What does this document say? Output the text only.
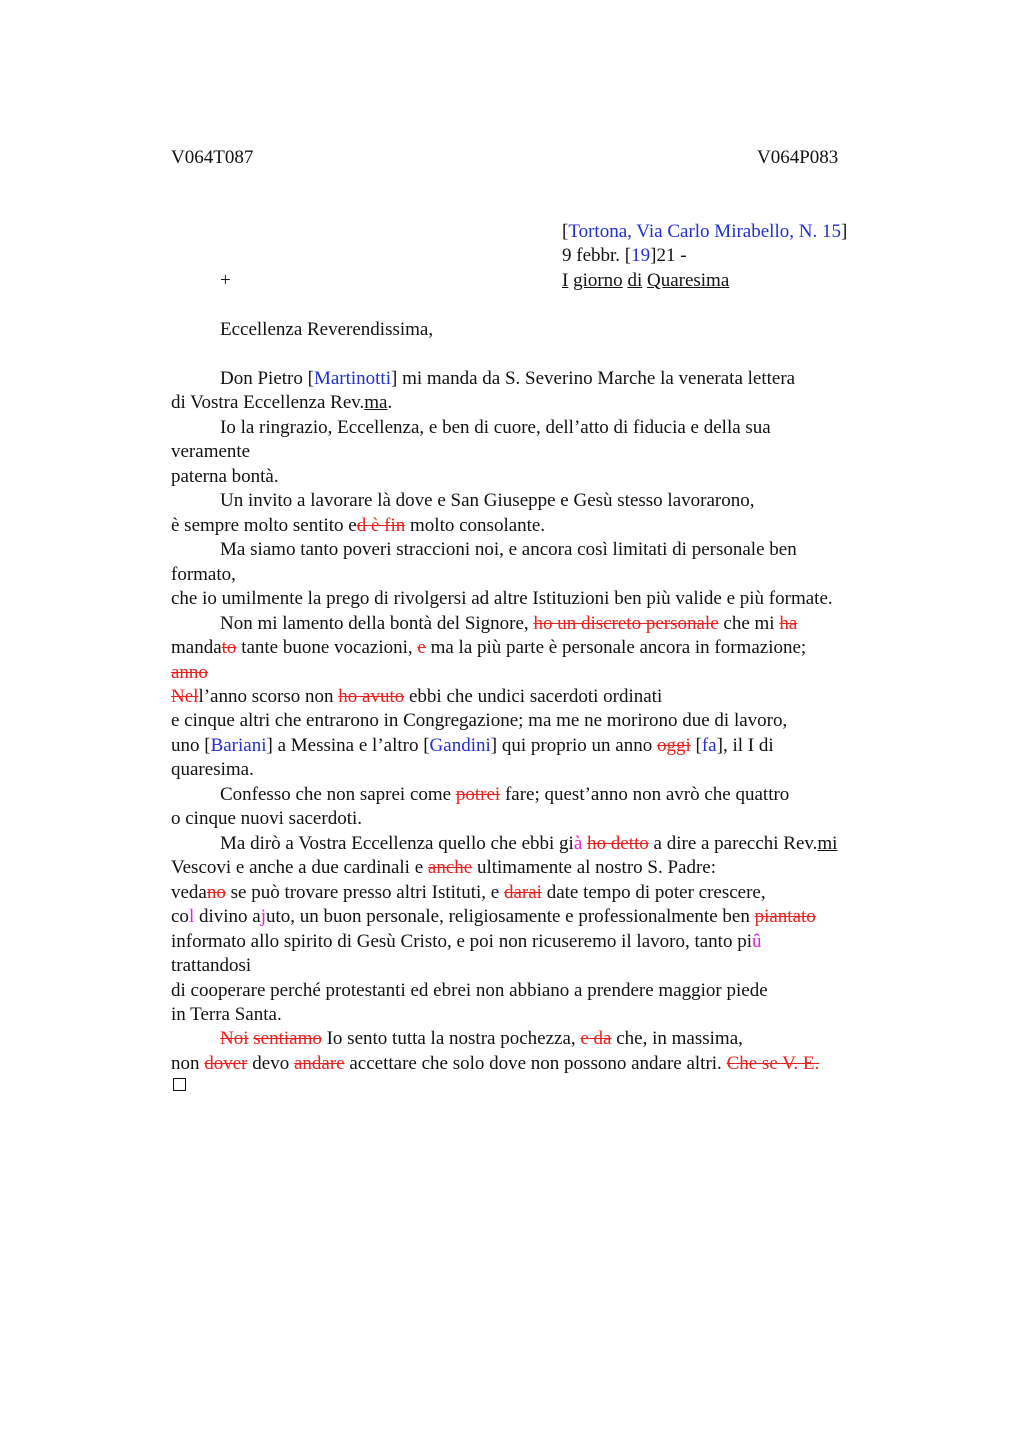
V064T087	V064P083
[Tortona, Via Carlo Mirabello, N. 15]
9 febbr. [19]21 -
+	I giorno di Quaresima
Eccellenza Reverendissima,
Don Pietro [Martinotti] mi manda da S. Severino Marche la venerata lettera
di Vostra Eccellenza Rev.ma.
Io la ringrazio, Eccellenza, e ben di cuore, dell’atto di fiducia e della sua
veramente
paterna bontà.
Un invito a lavorare là dove e San Giuseppe e Gesù stesso lavorarono,
è sempre molto sentito ed è fin molto consolante.
Ma siamo tanto poveri straccioni noi, e ancora così limitati di personale ben
formato,
che io umilmente la prego di rivolgersi ad altre Istituzioni ben più valide e più formate.
Non mi lamento della bontà del Signore, ho un discreto personale che mi ha
mandato tante buone vocazioni, e ma la più parte è personale ancora in formazione;
anno
Nell’anno scorso non ho avuto ebbi che undici sacerdoti ordinati
e cinque altri che entrarono in Congregazione; ma me ne morirono due di lavoro,
uno [Bariani] a Messina e l’altro [Gandini] qui proprio un anno oggi [fa], il I di
quaresima.
Confesso che non saprei come potrei fare; quest’anno non avrò che quattro
o cinque nuovi sacerdoti.
Ma dirò a Vostra Eccellenza quello che ebbi già ho detto a dire a parecchi Rev.mi
Vescovi e anche a due cardinali e anche ultimamente al nostro S. Padre:
vedano se può trovare presso altri Istituti, e darai date tempo di poter crescere,
col divino ajuto, un buon personale, religiosamente e professionalmente ben piantato
informato allo spirito di Gesù Cristo, e poi non ricuseremo il lavoro, tanto piû
trattandosi
di cooperare perché protestanti ed ebrei non abbiano a prendere maggior piede
in Terra Santa.
Noi sentiamo Io sento tutta la nostra pochezza, e da che, in massima,
non dover devo andare accettare che solo dove non possono andare altri. Che se V. E.
